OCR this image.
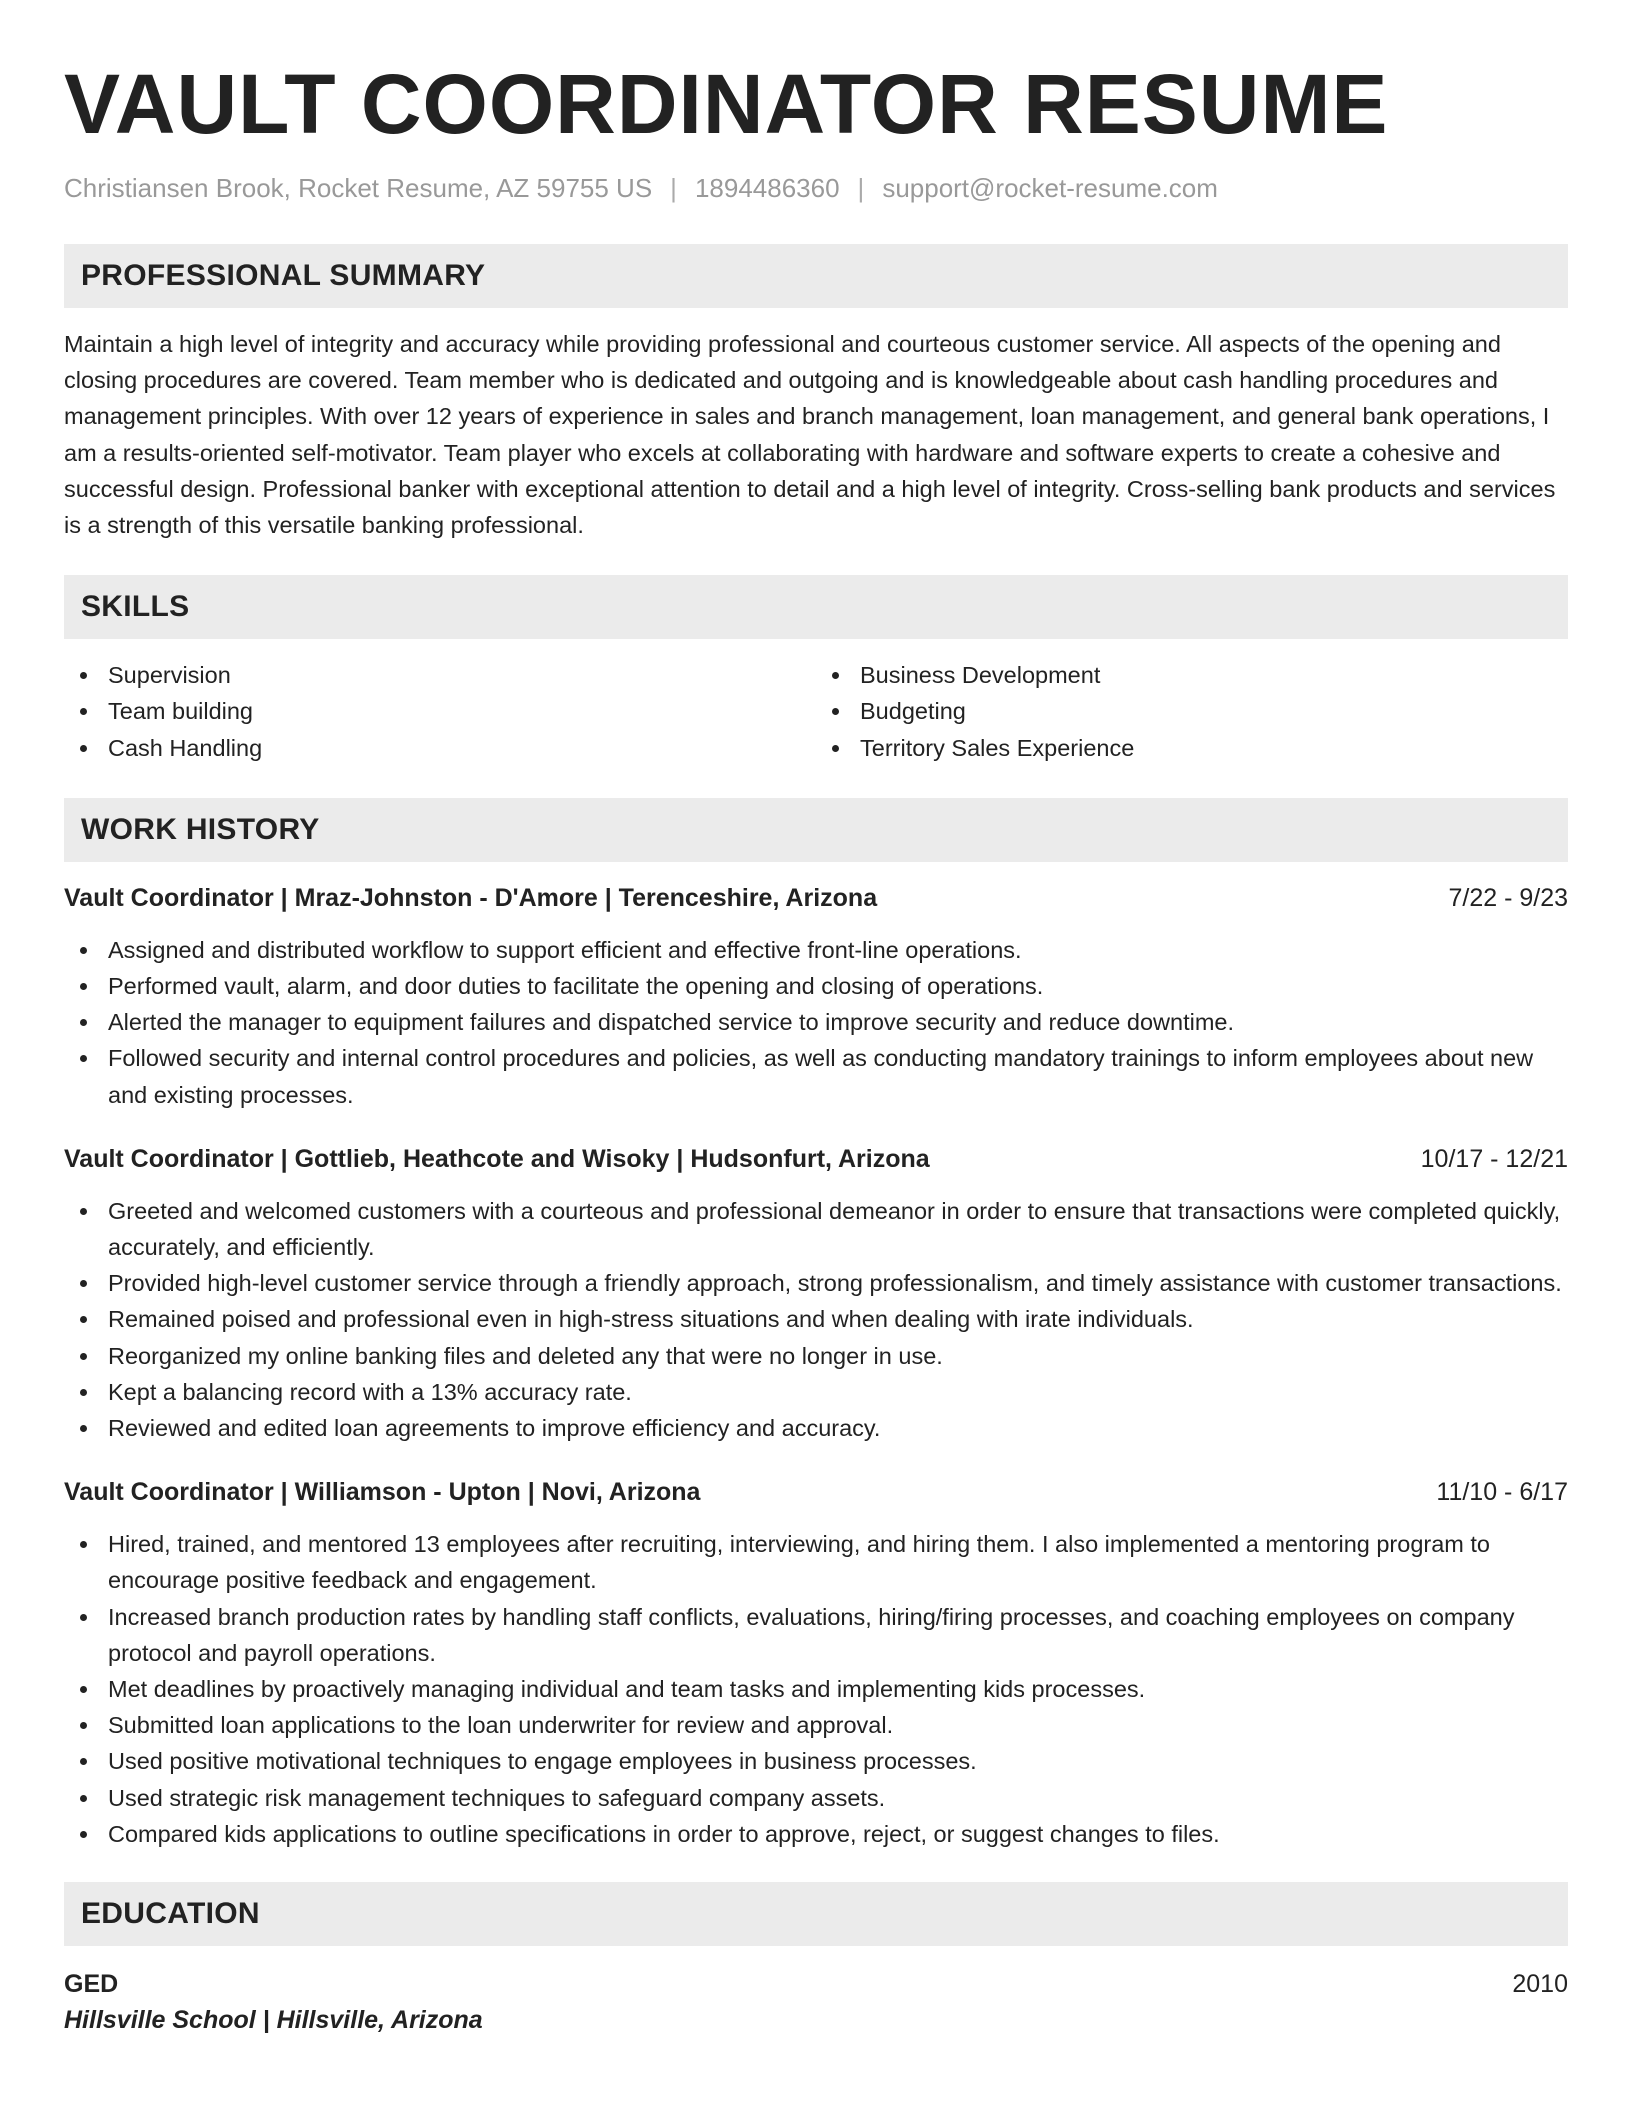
VAULT COORDINATOR RESUME
Christiansen Brook, Rocket Resume, AZ 59755 US | 1894486360 | support@rocket-resume.com
PROFESSIONAL SUMMARY
Maintain a high level of integrity and accuracy while providing professional and courteous customer service. All aspects of the opening and closing procedures are covered. Team member who is dedicated and outgoing and is knowledgeable about cash handling procedures and management principles. With over 12 years of experience in sales and branch management, loan management, and general bank operations, I am a results-oriented self-motivator. Team player who excels at collaborating with hardware and software experts to create a cohesive and successful design. Professional banker with exceptional attention to detail and a high level of integrity. Cross-selling bank products and services is a strength of this versatile banking professional.
SKILLS
Supervision
Team building
Cash Handling
Business Development
Budgeting
Territory Sales Experience
WORK HISTORY
Vault Coordinator | Mraz-Johnston - D'Amore | Terenceshire, Arizona	7/22 - 9/23
Assigned and distributed workflow to support efficient and effective front-line operations.
Performed vault, alarm, and door duties to facilitate the opening and closing of operations.
Alerted the manager to equipment failures and dispatched service to improve security and reduce downtime.
Followed security and internal control procedures and policies, as well as conducting mandatory trainings to inform employees about new and existing processes.
Vault Coordinator | Gottlieb, Heathcote and Wisoky | Hudsonfurt, Arizona	10/17 - 12/21
Greeted and welcomed customers with a courteous and professional demeanor in order to ensure that transactions were completed quickly, accurately, and efficiently.
Provided high-level customer service through a friendly approach, strong professionalism, and timely assistance with customer transactions.
Remained poised and professional even in high-stress situations and when dealing with irate individuals.
Reorganized my online banking files and deleted any that were no longer in use.
Kept a balancing record with a 13% accuracy rate.
Reviewed and edited loan agreements to improve efficiency and accuracy.
Vault Coordinator | Williamson - Upton | Novi, Arizona	11/10 - 6/17
Hired, trained, and mentored 13 employees after recruiting, interviewing, and hiring them. I also implemented a mentoring program to encourage positive feedback and engagement.
Increased branch production rates by handling staff conflicts, evaluations, hiring/firing processes, and coaching employees on company protocol and payroll operations.
Met deadlines by proactively managing individual and team tasks and implementing kids processes.
Submitted loan applications to the loan underwriter for review and approval.
Used positive motivational techniques to engage employees in business processes.
Used strategic risk management techniques to safeguard company assets.
Compared kids applications to outline specifications in order to approve, reject, or suggest changes to files.
EDUCATION
GED	2010
Hillsville School | Hillsville, Arizona
